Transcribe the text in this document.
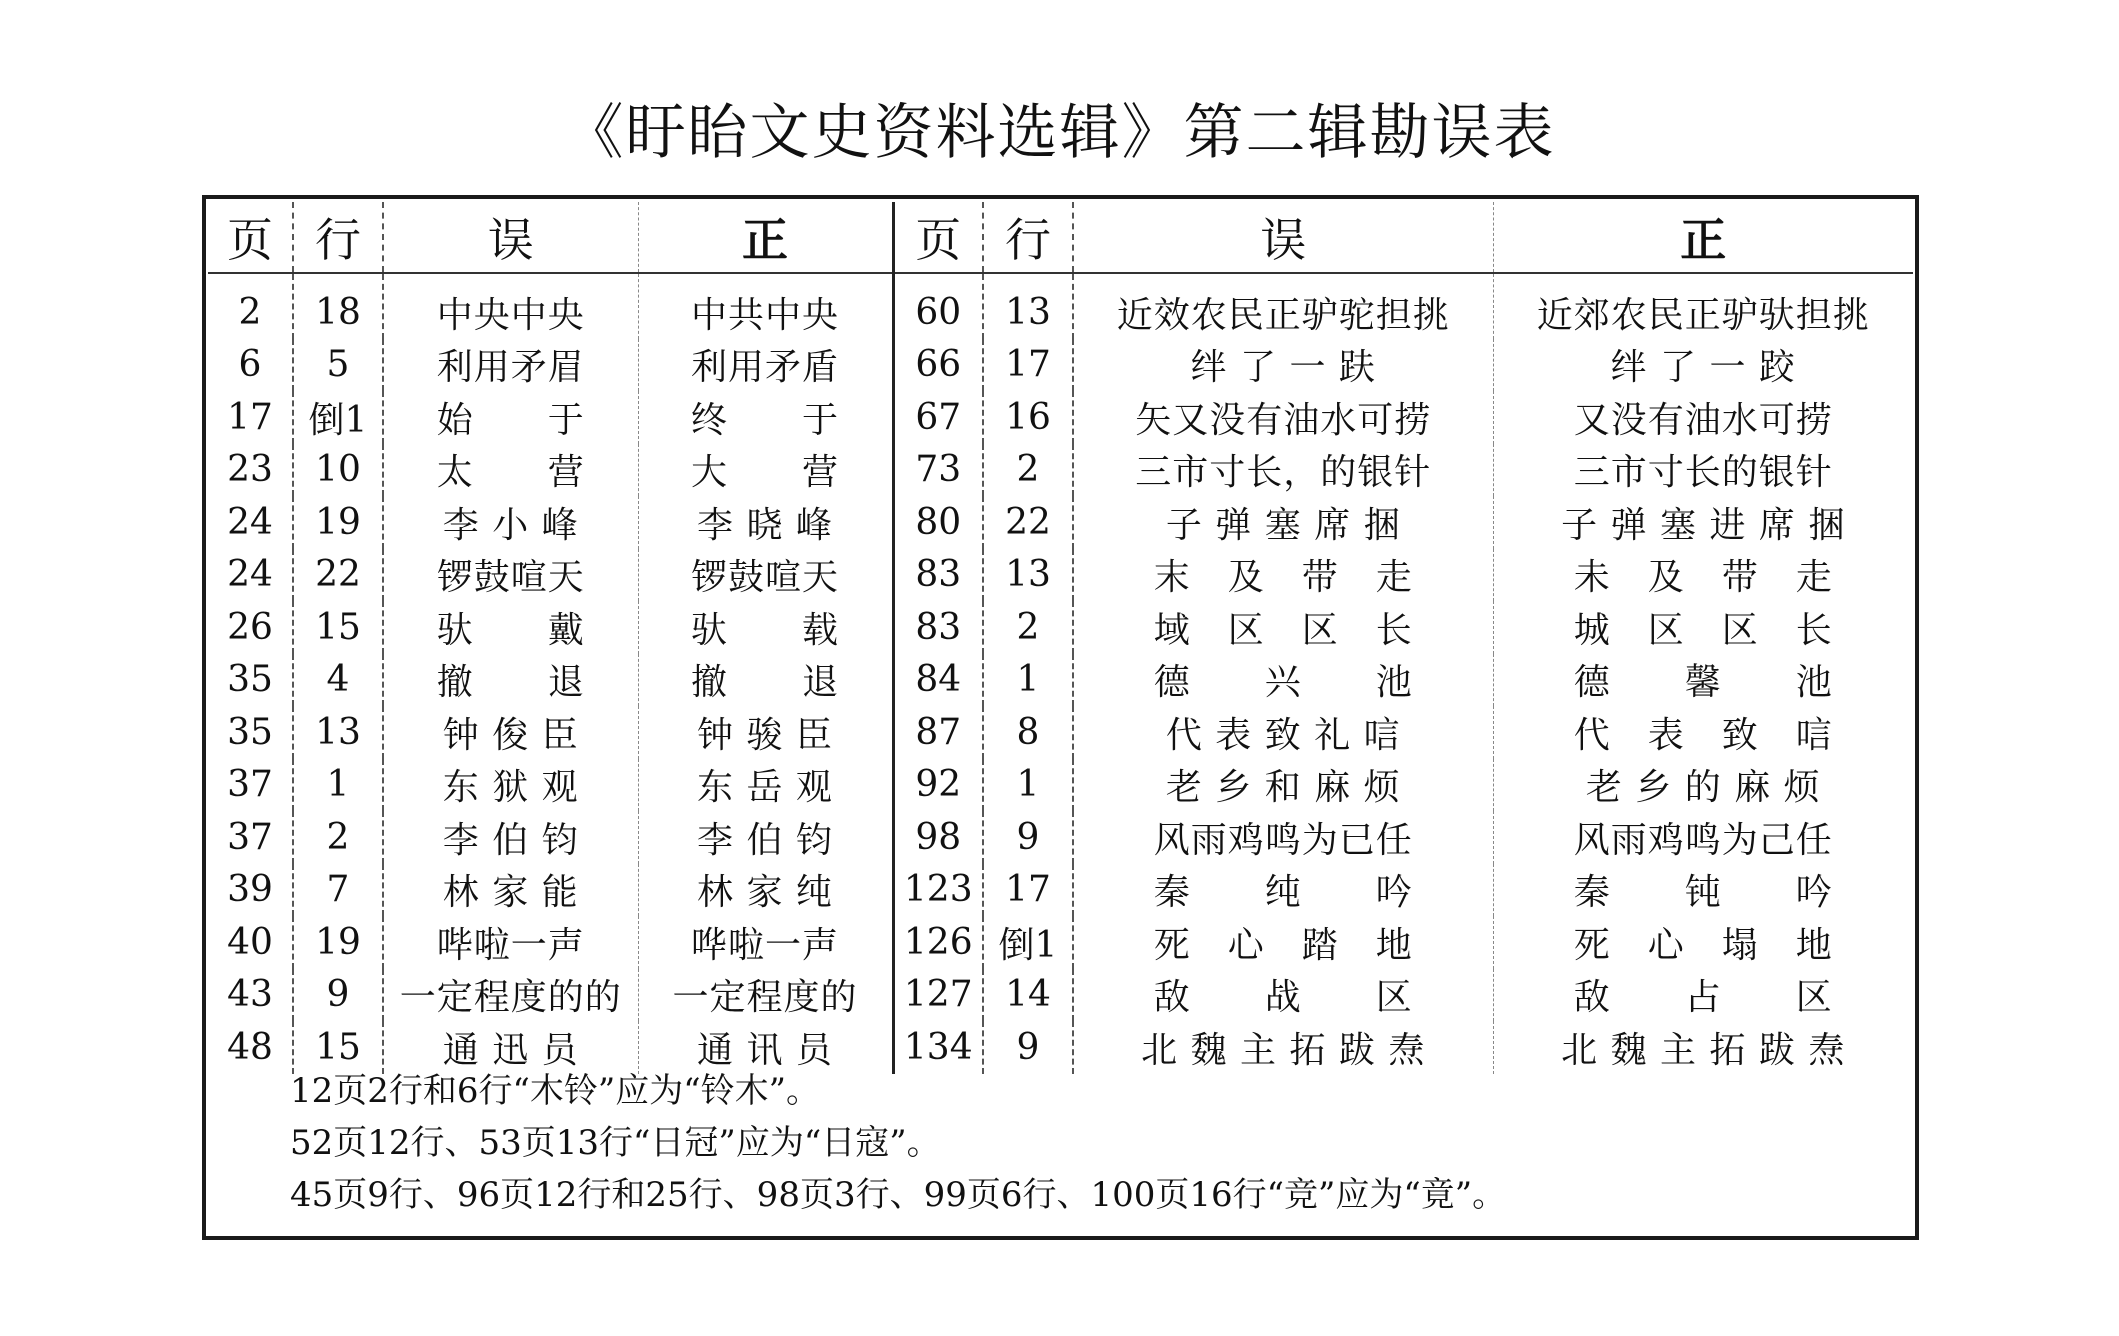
《盱眙文史资料选辑》第二辑勘误表
页	行	误	正	页	行	误	正
2	18	中央中央	中共中央	60	13	近效农民正驴驼担挑	近郊农民正驴驮担挑
6	5	利用矛眉	利用矛盾	66	17	绊 了 一 趺	绊 了 一 跤
17	倒1	始　　于	终　　于	67	16	矢又没有油水可捞	又没有油水可捞
23	10	太　　营	大　　营	73	2	三市寸长，的银针	三市寸长的银针
24	19	李 小 峰	李 晓 峰	80	22	子 弹 塞 席 捆	子 弹 塞 进 席 捆
24	22	锣鼓喧天	锣鼓喧天	83	13	末　及　带　走	未　及　带　走
26	15	驮　　戴	驮　　载	83	2	域　区　区　长	城　区　区　长
35	4	撤　　退	撤　　退	84	1	德　　兴　　池	德　　馨　　池
35	13	钟 俊 臣	钟 骏 臣	87	8	代 表 致 礼 唁	代　表　致　唁
37	1	东 狱 观	东 岳 观	92	1	老 乡 和 麻 烦	老 乡 的 麻 烦
37	2	李 伯 钧	李 伯 钧	98	9	风雨鸡鸣为已任	风雨鸡鸣为己任
39	7	林 家 能	林 家 纯	123	17	秦　　纯　　吟	秦　　钝　　吟
40	19	哔啦一声	哗啦一声	126	倒1	死　心　踏　地	死　心　塌　地
43	9	一定程度的的	一定程度的	127	14	敌　　战　　区	敌　　占　　区
48	15	通 迅 员	通 讯 员	134	9	北 魏 主 拓 跋 焘	北 魏 主 拓 跋 焘
12页2行和6行“木铃”应为“铃木”。
52页12行、53页13行“日冠”应为“日寇”。
45页9行、96页12行和25行、98页3行、99页6行、100页16行“竞”应为“竟”。
